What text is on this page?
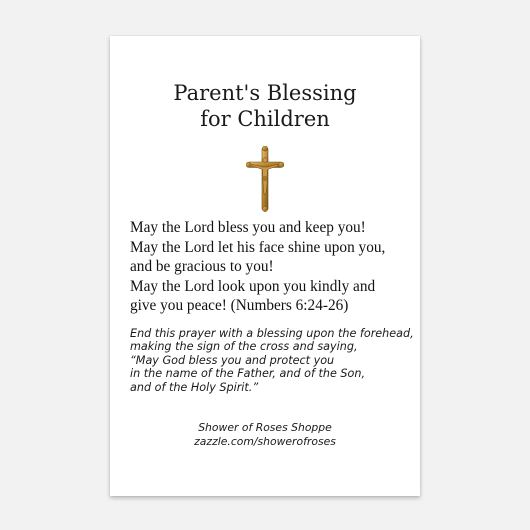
Parent's Blessing
for Children
May the Lord bless you and keep you!
May the Lord let his face shine upon you,
and be gracious to you!
May the Lord look upon you kindly and
give you peace! (Numbers 6:24-26)
End this prayer with a blessing upon the forehead,
making the sign of the cross and saying,
“May God bless you and protect you
in the name of the Father, and of the Son,
and of the Holy Spirit.”
Shower of Roses Shoppe
zazzle.com/showerofroses
